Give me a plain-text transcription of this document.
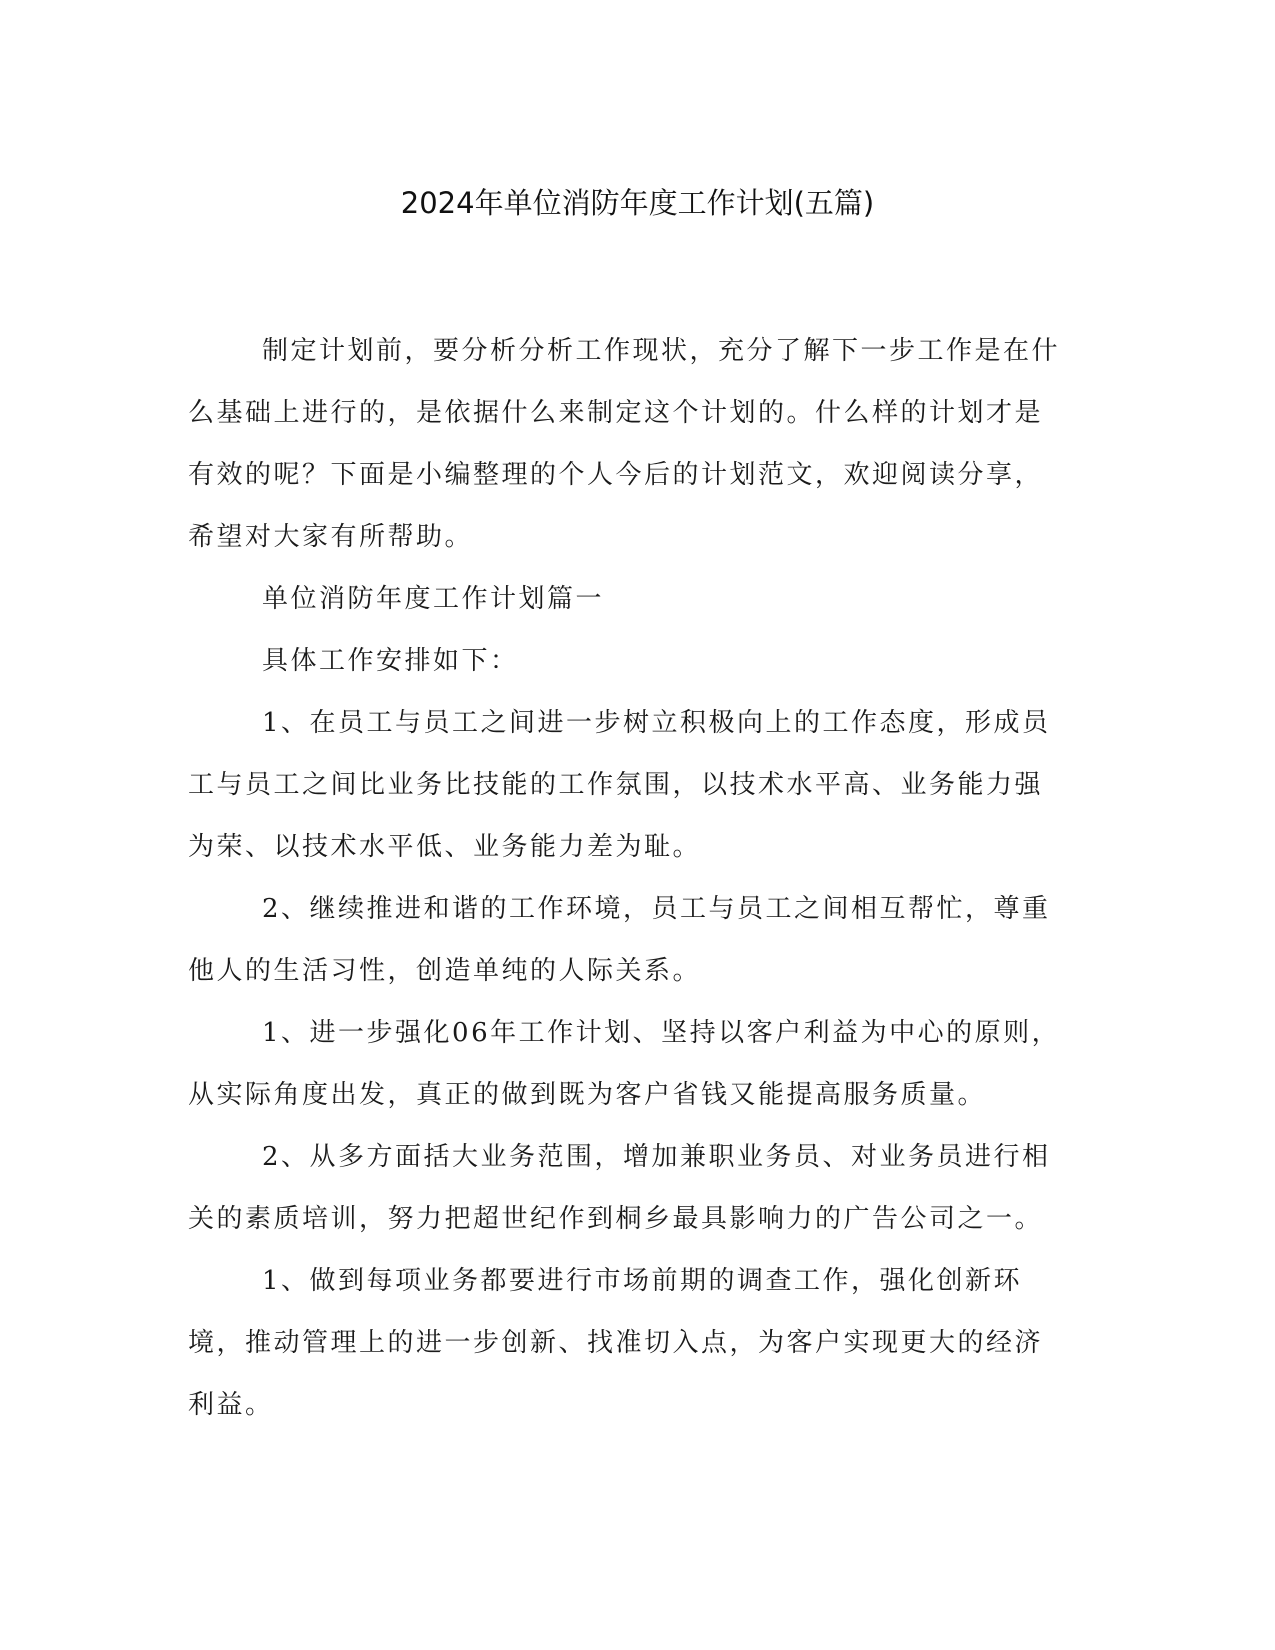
2024年单位消防年度工作计划(五篇)

制定计划前，要分析分析工作现状，充分了解下一步工作是在什么基础上进行的，是依据什么来制定这个计划的。什么样的计划才是有效的呢？下面是小编整理的个人今后的计划范文，欢迎阅读分享，希望对大家有所帮助。

单位消防年度工作计划篇一

具体工作安排如下：

1、在员工与员工之间进一步树立积极向上的工作态度，形成员工与员工之间比业务比技能的工作氛围，以技术水平高、业务能力强为荣、以技术水平低、业务能力差为耻。

2、继续推进和谐的工作环境，员工与员工之间相互帮忙，尊重他人的生活习性，创造单纯的人际关系。

1、进一步强化06年工作计划、坚持以客户利益为中心的原则，从实际角度出发，真正的做到既为客户省钱又能提高服务质量。

2、从多方面括大业务范围，增加兼职业务员、对业务员进行相关的素质培训，努力把超世纪作到桐乡最具影响力的广告公司之一。

1、做到每项业务都要进行市场前期的调查工作，强化创新环境，推动管理上的进一步创新、找准切入点，为客户实现更大的经济利益。
